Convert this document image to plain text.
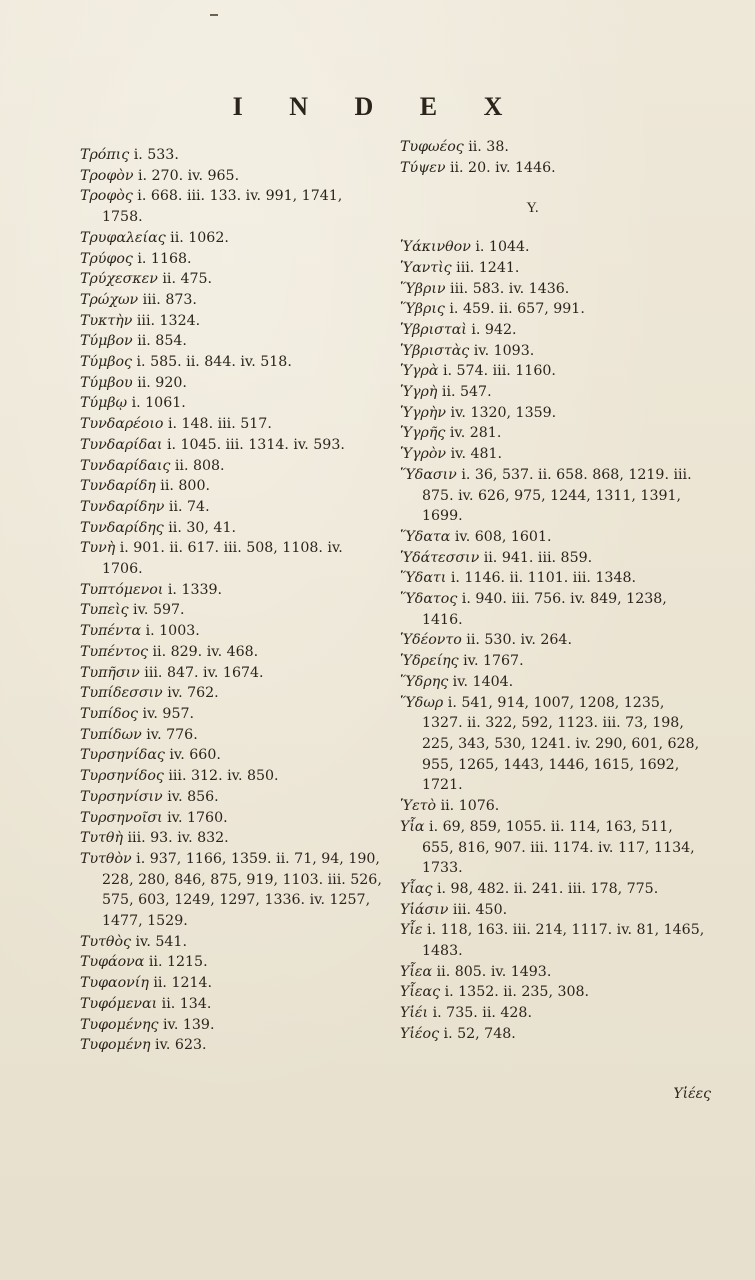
I N D E X
Τρόπις i. 533.
Τροφὸν i. 270. iv. 965.
Τροφὸς i. 668. iii. 133. iv. 991, 1741, 1758.
Τρυφαλείας ii. 1062.
Τρύφος i. 1168.
Τρύχεσκεν ii. 475.
Τρώχων iii. 873.
Τυκτὴν iii. 1324.
Τύμβον ii. 854.
Τύμβος i. 585. ii. 844. iv. 518.
Τύμβου ii. 920.
Τύμβῳ i. 1061.
Τυνδαρέοιο i. 148. iii. 517.
Τυνδαρίδαι i. 1045. iii. 1314. iv. 593.
Τυνδαρίδαις ii. 808.
Τυνδαρίδη ii. 800.
Τυνδαρίδην ii. 74.
Τυνδαρίδης ii. 30, 41.
Τυνὴ i. 901. ii. 617. iii. 508, 1108. iv. 1706.
Τυπτόμενοι i. 1339.
Τυπεὶς iv. 597.
Τυπέντα i. 1003.
Τυπέντος ii. 829. iv. 468.
Τυπῆσιν iii. 847. iv. 1674.
Τυπίδεσσιν iv. 762.
Τυπίδος iv. 957.
Τυπίδων iv. 776.
Τυρσηνίδας iv. 660.
Τυρσηνίδος iii. 312. iv. 850.
Τυρσηνίσιν iv. 856.
Τυρσηνοῖσι iv. 1760.
Τυτθὴ iii. 93. iv. 832.
Τυτθὸν i. 937, 1166, 1359. ii. 71, 94, 190, 228, 280, 846, 875, 919, 1103. iii. 526, 575, 603, 1249, 1297, 1336. iv. 1257, 1477, 1529.
Τυτθὸς iv. 541.
Τυφάονα ii. 1215.
Τυφαονίη ii. 1214.
Τυφόμεναι ii. 134.
Τυφομένης iv. 139.
Τυφομένη iv. 623.
Τυφωέος ii. 38.
Τύψεν ii. 20. iv. 1446.
Υ.
Ὑάκινθον i. 1044.
Ὑαντὶς iii. 1241.
Ὕβριν iii. 583. iv. 1436.
Ὕβρις i. 459. ii. 657, 991.
Ὑβρισταὶ i. 942.
Ὑβριστὰς iv. 1093.
Ὑγρὰ i. 574. iii. 1160.
Ὑγρὴ ii. 547.
Ὑγρὴν iv. 1320, 1359.
Ὑγρῆς iv. 281.
Ὑγρὸν iv. 481.
Ὕδασιν i. 36, 537. ii. 658. 868, 1219. iii. 875. iv. 626, 975, 1244, 1311, 1391, 1699.
Ὕδατα iv. 608, 1601.
Ὑδάτεσσιν ii. 941. iii. 859.
Ὕδατι i. 1146. ii. 1101. iii. 1348.
Ὕδατος i. 940. iii. 756. iv. 849, 1238, 1416.
Ὑδέοντο ii. 530. iv. 264.
Ὑδρείης iv. 1767.
Ὕδρης iv. 1404.
Ὕδωρ i. 541, 914, 1007, 1208, 1235, 1327. ii. 322, 592, 1123. iii. 73, 198, 225, 343, 530, 1241. iv. 290, 601, 628, 955, 1265, 1443, 1446, 1615, 1692, 1721.
Ὑετὸ ii. 1076.
Υἷα i. 69, 859, 1055. ii. 114, 163, 511, 655, 816, 907. iii. 1174. iv. 117, 1134, 1733.
Υἷας i. 98, 482. ii. 241. iii. 178, 775.
Υἱάσιν iii. 450.
Υἷε i. 118, 163. iii. 214, 1117. iv. 81, 1465, 1483.
Υἷεα ii. 805. iv. 1493.
Υἷεας i. 1352. ii. 235, 308.
Υἱέι i. 735. ii. 428.
Υἱέος i. 52, 748.
Υἱέες
